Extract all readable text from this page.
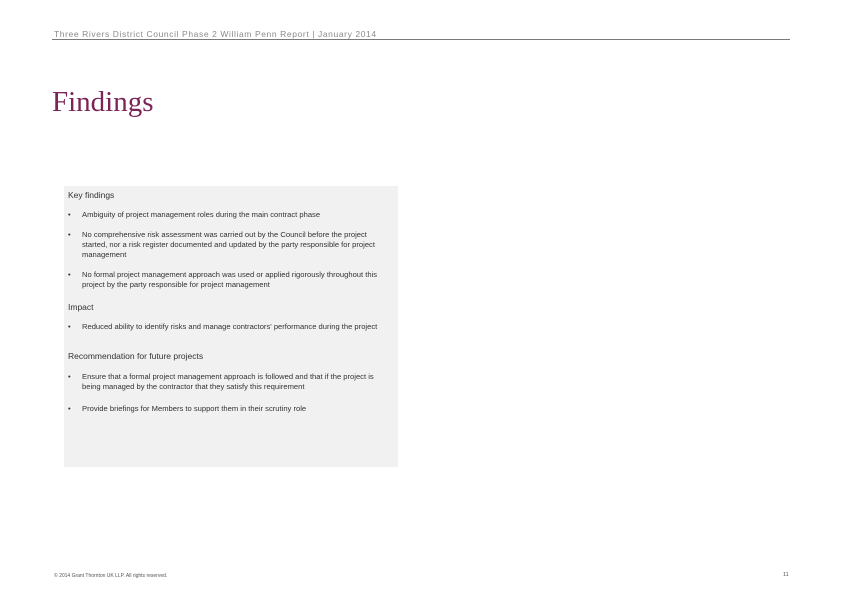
Three Rivers District Council Phase 2 William Penn Report | January 2014
Findings
Key findings
• Ambiguity of project management roles during the main contract phase
• No comprehensive risk assessment was carried out by the Council before the project started, nor a risk register documented and updated by the party responsible for project management
• No formal project management approach was used or applied rigorously throughout this project by the party responsible for project management
Impact
• Reduced ability to identify risks and manage contractors' performance during the project
Recommendation for future projects
• Ensure that a formal project management approach is followed and that if the project is being managed by the contractor that they satisfy this requirement
• Provide briefings for Members to support them in their scrutiny role
© 2014 Grant Thornton UK LLP. All rights reserved.	11
